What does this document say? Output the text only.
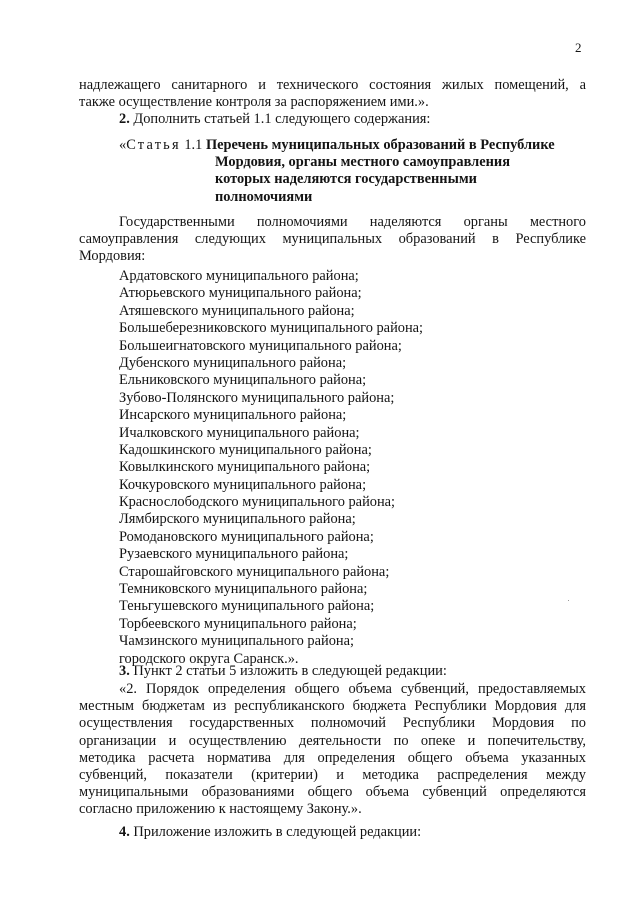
2
надлежащего санитарного и технического состояния жилых помещений, а
также осуществление контроля за распоряжением ими.».
2. Дополнить статьей 1.1 следующего содержания:
«Статья 1.1 Перечень муниципальных образований в Республике
Мордовия, органы местного самоуправления
которых наделяются государственными
полномочиями
Государственными полномочиями наделяются органы местного
самоуправления следующих муниципальных образований в Республике
Мордовия:
Ардатовского муниципального района;
Атюрьевского муниципального района;
Атяшевского муниципального района;
Большеберезниковского муниципального района;
Большеигнатовского муниципального района;
Дубенского муниципального района;
Ельниковского муниципального района;
Зубово-Полянского муниципального района;
Инсарского муниципального района;
Ичалковского муниципального района;
Кадошкинского муниципального района;
Ковылкинского муниципального района;
Кочкуровского муниципального района;
Краснослободского муниципального района;
Лямбирского муниципального района;
Ромодановского муниципального района;
Рузаевского муниципального района;
Старошайговского муниципального района;
Темниковского муниципального района;
Теньгушевского муниципального района;
Торбеевского муниципального района;
Чамзинского муниципального района;
городского округа Саранск.».
3. Пункт 2 статьи 5 изложить в следующей редакции:
«2. Порядок определения общего объема субвенций, предоставляемых
местным бюджетам из республиканского бюджета Республики Мордовия для
осуществления государственных полномочий Республики Мордовия по
организации и осуществлению деятельности по опеке и попечительству,
методика расчета норматива для определения общего объема указанных
субвенций, показатели (критерии) и методика распределения между
муниципальными образованиями общего объема субвенций определяются
согласно приложению к настоящему Закону.».
4. Приложение изложить в следующей редакции:
